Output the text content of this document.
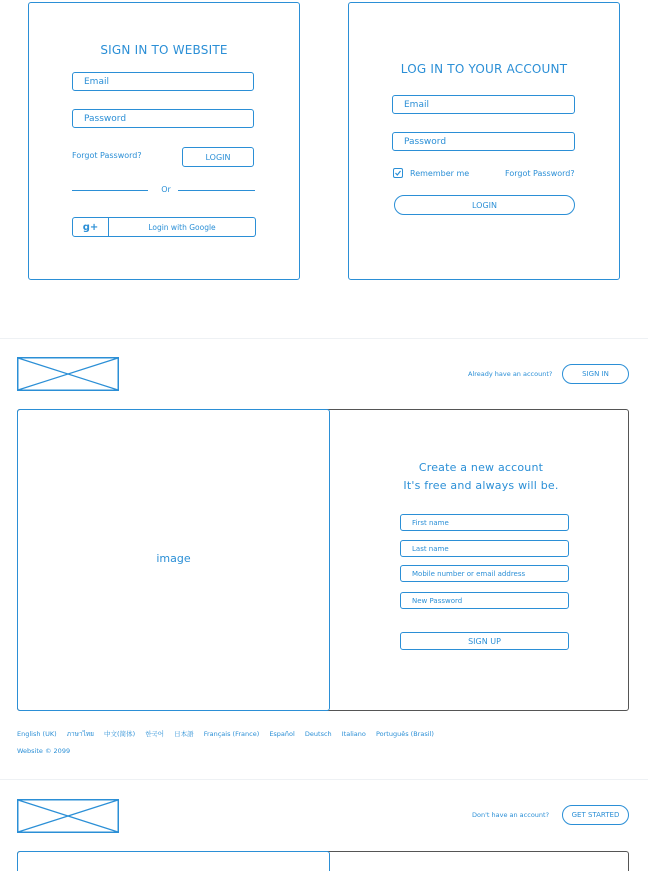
SIGN IN TO WEBSITE
Email
Password
Forgot Password?	LOGIN
Or
g+	Login with Google
LOG IN TO YOUR ACCOUNT
Email
Password
Remember me	Forgot Password?
LOGIN
Already have an account?	SIGN IN
image
Create a new account
It's free and always will be.
First name
Last name
Mobile number or email address
New Password
SIGN UP
English (UK) ภาษาไทย 中文(简体) 한국어 日本語 Français (France) Español Deutsch Italiano Português (Brasil)
Website © 2099
Don't have an account?	GET STARTED
